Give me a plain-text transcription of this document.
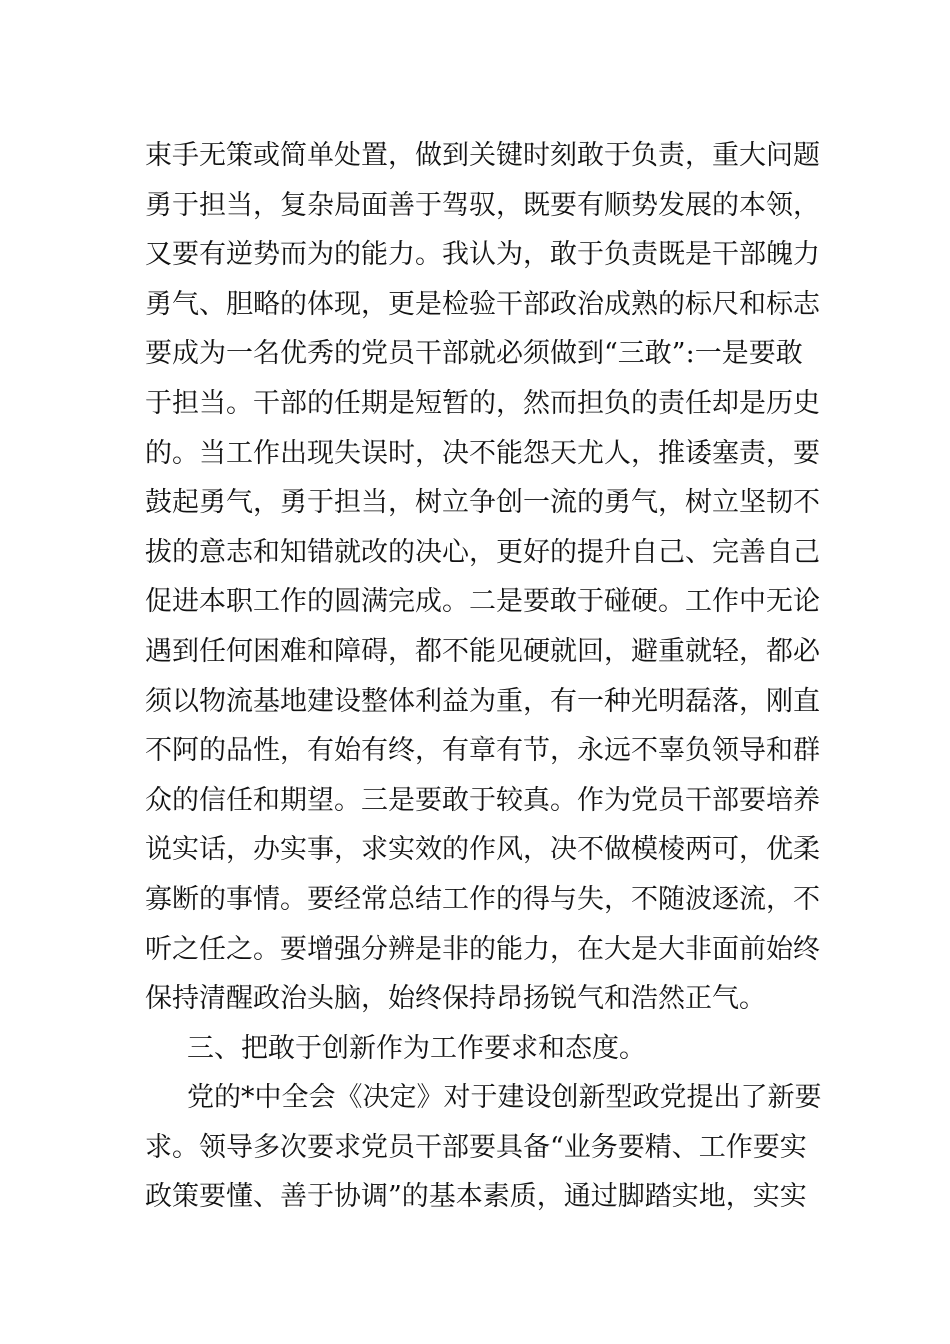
束手无策或简单处置，做到关键时刻敢于负责，重大问题
勇于担当，复杂局面善于驾驭，既要有顺势发展的本领，
又要有逆势而为的能力。我认为，敢于负责既是干部魄力
勇气、胆略的体现，更是检验干部政治成熟的标尺和标志
要成为一名优秀的党员干部就必须做到“三敢”:一是要敢
于担当。干部的任期是短暂的，然而担负的责任却是历史
的。当工作出现失误时，决不能怨天尤人，推诿塞责，要
鼓起勇气，勇于担当，树立争创一流的勇气，树立坚韧不
拔的意志和知错就改的决心，更好的提升自己、完善自己
促进本职工作的圆满完成。二是要敢于碰硬。工作中无论
遇到任何困难和障碍，都不能见硬就回，避重就轻，都必
须以物流基地建设整体利益为重，有一种光明磊落，刚直
不阿的品性，有始有终，有章有节，永远不辜负领导和群
众的信任和期望。三是要敢于较真。作为党员干部要培养
说实话，办实事，求实效的作风，决不做模棱两可，优柔
寡断的事情。要经常总结工作的得与失，不随波逐流，不
听之任之。要增强分辨是非的能力，在大是大非面前始终
保持清醒政治头脑，始终保持昂扬锐气和浩然正气。
三、把敢于创新作为工作要求和态度。
党的*中全会《决定》对于建设创新型政党提出了新要
求。领导多次要求党员干部要具备“业务要精、工作要实
政策要懂、善于协调”的基本素质，通过脚踏实地，实实
